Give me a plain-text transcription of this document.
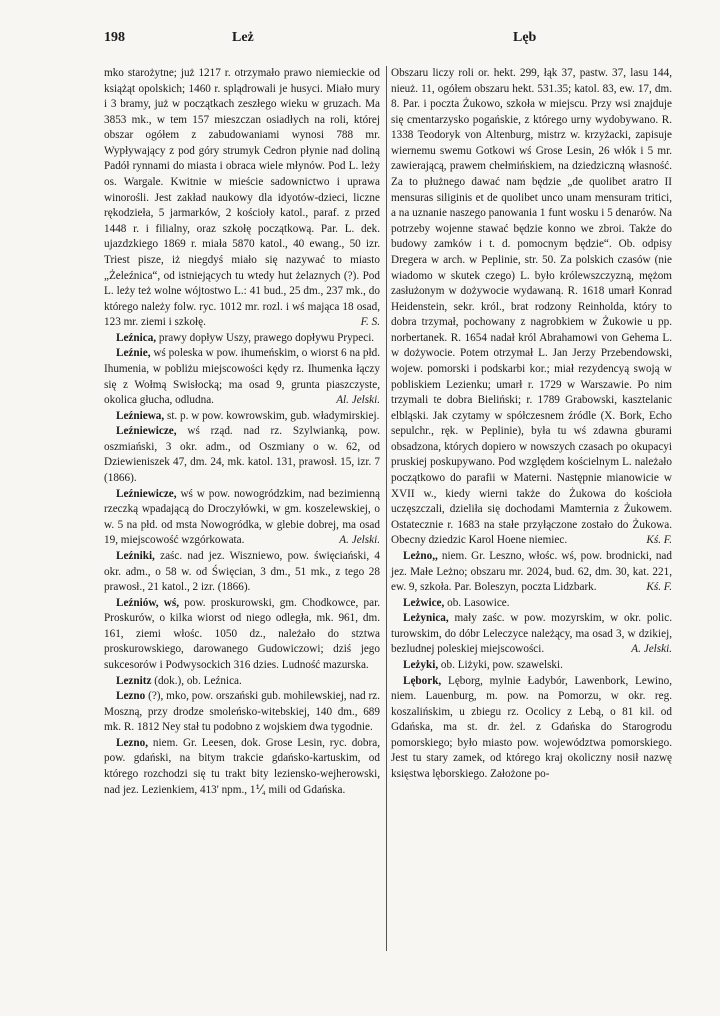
198	Leż	Lęb

mko starożytne; już 1217 r. otrzymało prawo niemieckie od książąt opolskich; 1460 r. splądrowali je husyci. Miało mury i 3 bramy, już w początkach zeszłego wieku w gruzach. Ma 3853 mk., w tem 157 mieszczan osiadłych na roli, której obszar ogółem z zabudowaniami wynosi 788 mr. Wypływający z pod góry strumyk Cedron płynie nad doliną Padół rynnami do miasta i obraca wiele młynów. Pod L. leży os. Wargale. Kwitnie w mieście sadownictwo i uprawa winorośli. Jest zakład naukowy dla idyotów-dzieci, liczne rękodzieła, 5 jarmarków, 2 kościoły katol., paraf. z przed 1448 r. i filialny, oraz szkołę początkową. Par. L. dek. ujazdzkiego 1869 r. miała 5870 katol., 40 ewang., 50 izr. Triest pisze, iż niegdyś miało się nazywać to miasto „Żeleźnica“, od istniejących tu wtedy hut żelaznych (?). Pod L. leży też wolne wójtostwo L.: 41 bud., 25 dm., 237 mk., do którego należy folw. ryc. 1012 mr. rozl. i wś mająca 18 osad, 123 mr. ziemi i szkołę.	F. S.

Leźnica, prawy dopływ Uszy, prawego dopływu Prypeci.

Leźnie, wś poleska w pow. ihumeńskim, o wiorst 6 na płd. Ihumenia, w pobliżu miejscowości kędy rz. Ihumenka łączy się z Wołmą Swisłocką; ma osad 9, grunta piaszczyste, okolica głucha, odludna.	Al. Jelski.

Leźniewa, st. p. w pow. kowrowskim, gub. władymirskiej.

Leźniewicze, wś rząd. nad rz. Szylwianką, pow. oszmiański, 3 okr. adm., od Oszmiany o w. 62, od Dziewieniszek 47, dm. 24, mk. katol. 131, prawosł. 15, izr. 7 (1866).

Leźniewicze, wś w pow. nowogródzkim, nad bezimienną rzeczką wpadającą do Droczyłówki, w gm. koszelewskiej, o w. 5 na płd. od msta Nowogródka, w glebie dobrej, ma osad 19, miejscowość wzgórkowata.	A. Jelski.

Leźniki, zaśc. nad jez. Wiszniewo, pow. święciański, 4 okr. adm., o 58 w. od Święcian, 3 dm., 51 mk., z tego 28 prawosł., 21 katol., 2 izr. (1866).

Leźniów, wś, pow. proskurowski, gm. Chodkowce, par. Proskurów, o kilka wiorst od niego odległa, mk. 961, dm. 161, ziemi włośc. 1050 dz., należało do stztwa proskurowskiego, darowanego Gudowiczowi; dziś jego sukcesorów i Podwysockich 316 dzies. Ludność mazurska.

Leznitz (dok.), ob. Leźnica.

Lezno (?), mko, pow. orszański gub. mohilewskiej, nad rz. Moszną, przy drodze smoleńsko-witebskiej, 140 dm., 689 mk. R. 1812 Ney stał tu podobno z wojskiem dwa tygodnie.

Lezno, niem. Gr. Leesen, dok. Grose Lesin, ryc. dobra, pow. gdański, na bitym trakcie gdańsko-kartuskim, od którego rozchodzi się tu trakt bity leziensko-wejherowski, nad jez. Lezienkiem, 413' npm., 1⅟₄ mili od Gdańska.

Obszaru liczy roli or. hekt. 299, łąk 37, pastw. 37, lasu 144, nieuż. 11, ogółem obszaru hekt. 531.35; katol. 83, ew. 17, dm. 8. Par. i poczta Żukowo, szkoła w miejscu. Przy wsi znajduje się cmentarzysko pogańskie, z którego urny wydobywano. R. 1338 Teodoryk von Altenburg, mistrz w. krzyżacki, zapisuje wiernemu swemu Gotkowi wś Grose Lesin, 26 włók i 5 mr. zawierającą, prawem chełmińskiem, na dziedziczną własność. Za to płużnego dawać nam będzie „de quolibet aratro II mensuras siliginis et de quolibet unco unam mensuram tritici, a na uznanie naszego panowania 1 funt wosku i 5 denarów. Na potrzeby wojenne stawać będzie konno we zbroi. Także do budowy zamków i t. d. pomocnym będzie“. Ob. odpisy Dregera w arch. w Peplinie, str. 50. Za polskich czasów (nie wiadomo w skutek czego) L. było królewszczyzną, mężom zasłużonym w dożywocie wydawaną. R. 1618 umarł Konrad Heidenstein, sekr. król., brat rodzony Reinholda, który to dobra trzymał, pochowany z nagrobkiem w Żukowie u pp. norbertanek. R. 1654 nadał król Abrahamowi von Gehema L. w dożywocie. Potem otrzymał L. Jan Jerzy Przebendowski, wojew. pomorski i podskarbi kor.; miał rezydencyą swoją w pobliskiem Lezienku; umarł r. 1729 w Warszawie. Po nim trzymali te dobra Bieliński; r. 1789 Grabowski, kasztelanic elbląski. Jak czytamy w spółczesnem źródle (X. Bork, Echo sepulchr., ręk. w Peplinie), była tu wś zdawna gburami obsadzona, których dopiero w nowszych czasach po okupacyi pruskiej poskupywano. Pod względem kościelnym L. należało początkowo do parafii w Materni. Następnie mianowicie w XVII w., kiedy wierni także do Żukowa do kościoła uczęszczali, dzieliła się dochodami Mamternia z Żukowem. Ostatecznie r. 1683 na stałe przyłączone zostało do Żukowa. Obecny dziedzic Karol Hoene niemiec.	Kś. F.

Leżno,, niem. Gr. Leszno, włośc. wś, pow. brodnicki, nad jez. Małe Leżno; obszaru mr. 2024, bud. 62, dm. 30, kat. 221, ew. 9, szkoła. Par. Boleszyn, poczta Lidzbark.	Kś. F.

Leżwice, ob. Lasowice.

Leżynica, mały zaśc. w pow. mozyrskim, w okr. polic. turowskim, do dóbr Leleczyce należący, ma osad 3, w dzikiej, bezludnej poleskiej miejscowości.	A. Jelski.

Leżyki, ob. Liżyki, pow. szawelski.

Lębork, Lęborg, mylnie Ładybór, Lawenbork, Lewino, niem. Lauenburg, m. pow. na Pomorzu, w okr. reg. koszalińskim, u zbiegu rz. Ocolicy z Lebą, o 81 kil. od Gdańska, ma st. dr. żel. z Gdańska do Starogrodu pomorskiego; było miasto pow. województwa pomorskiego. Jest tu stary zamek, od którego kraj okoliczny nosił nazwę księstwa lęborskiego. Założone po-
